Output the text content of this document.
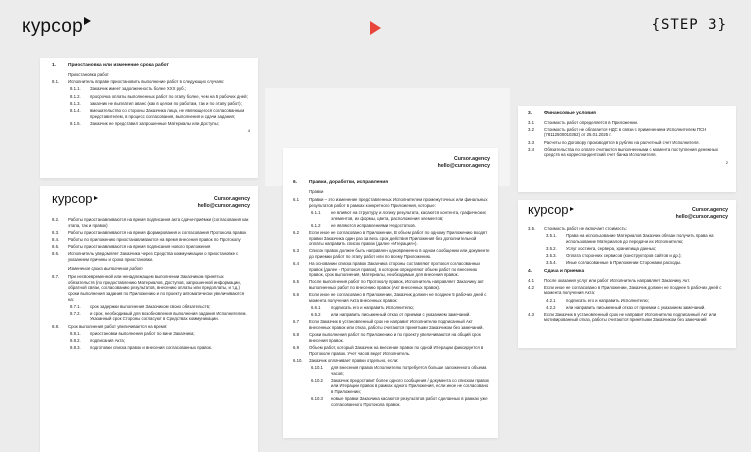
курсор	{STEP 3}
1. Приостановка или изменение срока работ
Приостановка работ
8.1.	Исполнитель вправе приостановить выполнение работ в следующих случаях:
8.1.1.	Заказчик имеет задолженность более XXX руб.;
8.1.2.	просрочка оплаты выполненных работ по этапу более, чем на 5 рабочих дней;
8.1.3.	заказчик не выплатил аванс (как в целом по работам, так и по этапу работ);
8.1.4.	вмешательство со стороны Заказчика лица, не являющегося согласованным представителем, в процесс согласования, выполнения и сдачи задания;
8.1.5.	Заказчик не представил запрошенные Материалы или Доступы;
4
курсор	Cursor.agency
hello@cursor.agency
8.2.	Работы приостанавливаются на время подписания акта сдачи-приёмки (согласования как этапа, так и правок)
8.3.	Работы приостанавливаются на время формирования и согласования Протокола правок
8.4.	Работы по приложению приостанавливаются на время внесения правок по Протоколу
8.5.	Работы приостанавливаются на время подписания нового приложения
8.6.	Исполнитель уведомляет Заказчика через Средства коммуникации о приостановке с указанием причины и срока приостановки.
Изменение срока выполнения работ
8.7.	При несвоевременной или ненадлежащем выполнении Заказчиком принятых обязательств (по предоставлению Материалов, Доступов, запрошенной информации, обратной связи, согласованию результатов, внесению оплаты или предоплаты, и т.д.) сроки выполнения задания по Приложению и по проекту автоматически увеличиваются на:
8.7.1.	срок задержки выполнения Заказчиком своих обязательств;
8.7.2.	и срок, необходимый для возобновления выполнения задания Исполнителем. Указанный срок Стороны согласуют в Средствах коммуникации.
8.8.	Срок выполнения работ увеличивается на время:
8.8.1.	приостановки выполнения работ по вине Заказчика;
8.8.2.	подписания Акта;
8.8.3.	подготовки списка правок и внесения согласованных правок.
Cursor.agency
hello@cursor.agency
6. Правки, доработки, исправления
Правки
6.1	Правки – это изменение представленных Исполнителем промежуточных или финальных результатов работ в рамках конкретного Приложения, которые:
6.1.1	не влияют на структуру и логику результата, касаются контента, графических элементов, их формы, цвета, расположения элементов;
6.1.2	не являются исправлениями Недостатков.
6.2	Если иное не согласовано в Приложении, В объем работ по одному Приложению входят правки Заказчика один раз за весь срок действия Приложения без дополнительной оплаты направить список правок (далее «Итерация»).
6.3	Список правок должен быть направлен одновременно в одном сообщении или документе до приемки работ по этапу работ или по всему Приложению.
6.4	На основании списка правок Заказчика стороны составляют протокол согласованных правок (далее - Протокол правок), в котором определяют объем работ по внесению правок, срок выполнения, Материалы, необходимые для внесения правок.
6.5	После выполнения работ по Протоколу правок, Исполнитель направляет Заказчику акт выполненных работ по внесению правок (Акт внесенных правок).
6.6	Если иное не согласовано в Приложении, Заказчик должен не позднее 5 рабочих дней с момента получения Акта внесенных правок:
6.6.1	подписать его и направить Исполнителю;
6.6.2	или направить письменный отказ от приемки с указанием замечаний.
6.7	Если Заказчик в установленный срок не направит Исполнителю подписанный Акт внесенных правок или отказ, работы считаются принятыми Заказчиком без замечаний.
6.8	Сроки выполнения работ по Приложению и по проекту увеличиваются на общий срок внесения правок.
6.9	Объем работ, который Заказчик на внесение правок по одной Итерации фиксируется в Протоколе правок. Учет часов ведет Исполнитель.
6.10.	Заказчик оплачивает правки отдельно, если:
6.10.1	для внесения правок Исполнителю потребуется больше заложенного объема часов;
6.10.2	Заказчик предоставит более одного сообщения / документа со списком правок или Итерации правок в рамках одного Приложения, если иное не согласовано в Приложении;
6.10.3	новые правки Заказчика касаются результатов работ сделанных в рамках уже согласованного Протокола правок.
3. Финансовые условия
3.1	Стоимость работ определяется в Приложении.
3.2	Стоимость работ не облагается НДС в связи с применением Исполнителем ПСН (78112500010362) от 25.01.2025 г.
3.3	Расчеты по Договору производятся в рублях на расчетный счет Исполнителя.
3.4	Обязательства по оплате считаются выполненными с момента поступления денежных средств на корреспондентский счет банка Исполнителя.
2
курсор	Cursor.agency
hello@cursor.agency
3.5.	Стоимость работ не включает стоимость:
3.5.1.	Права на использование Материалов Заказчик обязан получить права на использование Материалов до передачи их Исполнителю;
3.5.2.	Услуг хостинга, сервера, хранилища данных;
3.5.3.	Оплата сторонних сервисов (конструкторов сайтов и др.);
3.5.4.	Иные согласованные в Приложении Сторонами расходы.
4. Сдача и приемка
4.1	После оказания услуг или работ Исполнитель направляет Заказчику Акт.
4.2	Если иное не согласовано в Приложении, Заказчик должен не позднее 5 рабочих дней с момента получения Акта:
4.2.1	подписать его и направить Исполнителю;
4.2.2	или направить письменный отказ от приемки с указанием замечаний.
4.3	Если Заказчик в установленный срок не направит Исполнителю подписанный Акт или мотивированный отказ, работы считаются принятыми Заказчиком без замечаний
